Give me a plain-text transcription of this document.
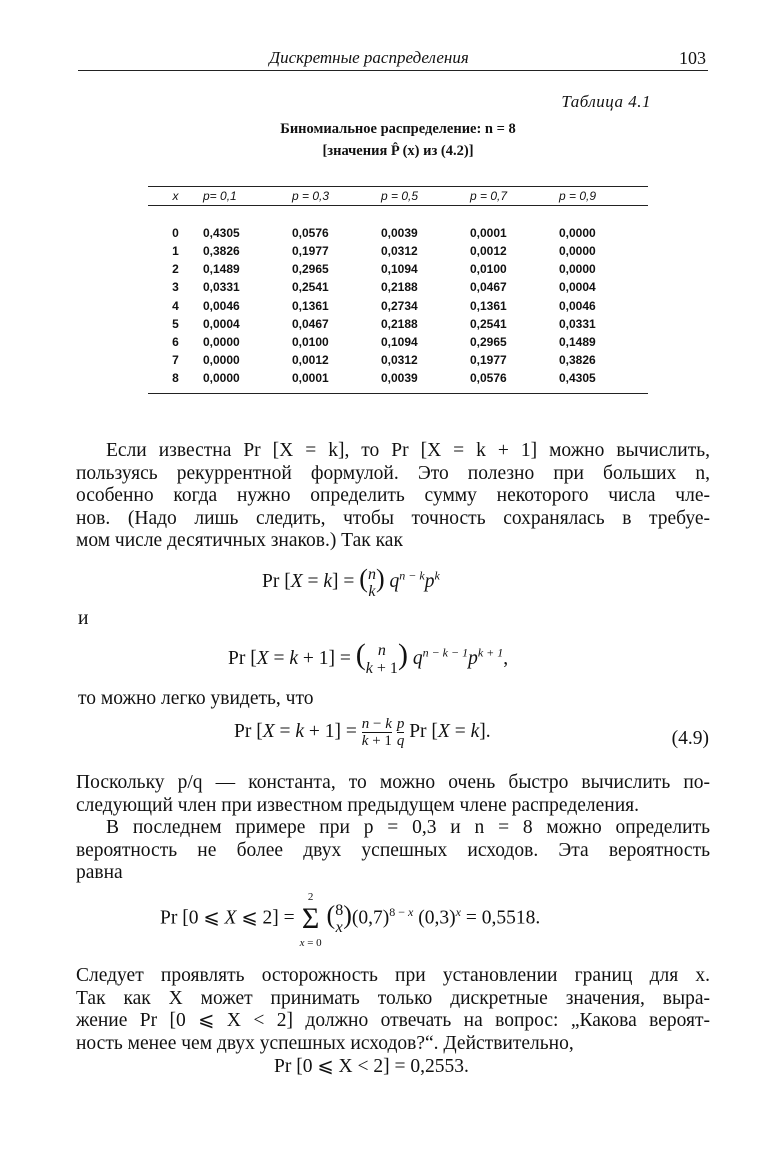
Дискретные распределения	103
Таблица 4.1
Биномиальное распределение: n = 8
[значения P̂ (x) из (4.2)]
x	p= 0,1	p = 0,3	p = 0,5	p = 0,7	p = 0,9

0	0,4305	0,0576	0,0039	0,0001	0,0000
1	0,3826	0,1977	0,0312	0,0012	0,0000
2	0,1489	0,2965	0,1094	0,0100	0,0000
3	0,0331	0,2541	0,2188	0,0467	0,0004
4	0,0046	0,1361	0,2734	0,1361	0,0046
5	0,0004	0,0467	0,2188	0,2541	0,0331
6	0,0000	0,0100	0,1094	0,2965	0,1489
7	0,0000	0,0012	0,0312	0,1977	0,3826
8	0,0000	0,0001	0,0039	0,0576	0,4305
Если известна Pr [X = k], то Pr [X = k + 1] можно вычислить,
пользуясь рекуррентной формулой. Это полезно при больших n,
особенно когда нужно определить сумму некоторого числа чле-
нов. (Надо лишь следить, чтобы точность сохранялась в требуе-
мом числе десятичных знаков.) Так как
Pr [X = k] = (n
k) $q^{n - k}p^k$
и
Pr [X = k + 1] = ( n
k + 1) $q^{n - k - 1}p^{k + 1}$,
то можно легко увидеть, что
Pr [X = k + 1] = n − k
$k + 1 \frac{p}{q}$ Pr [X = k].	(4.9)
Поскольку p/q — константа, то можно очень быстро вычислить по-
следующий член при известном предыдущем члене распределения.
В последнем примере при p = 0,3 и n = 8 можно определить
вероятность не более двух успешных исходов. Эта вероятность
равна
Pr [0 ⩽ X ⩽ 2] = 2
Σ
x = 0 (8
$x)(0,7)^{8 - x}$ $(0,3)^x = 0,5518$.
Следует проявлять осторожность при установлении границ для x.
Так как X может принимать только дискретные значения, выра-
жение Pr [0 ⩽ X < 2] должно отвечать на вопрос: „Какова вероят-
ность менее чем двух успешных исходов?“. Действительно,
Pr [0 ⩽ X < 2] = 0,2553.
